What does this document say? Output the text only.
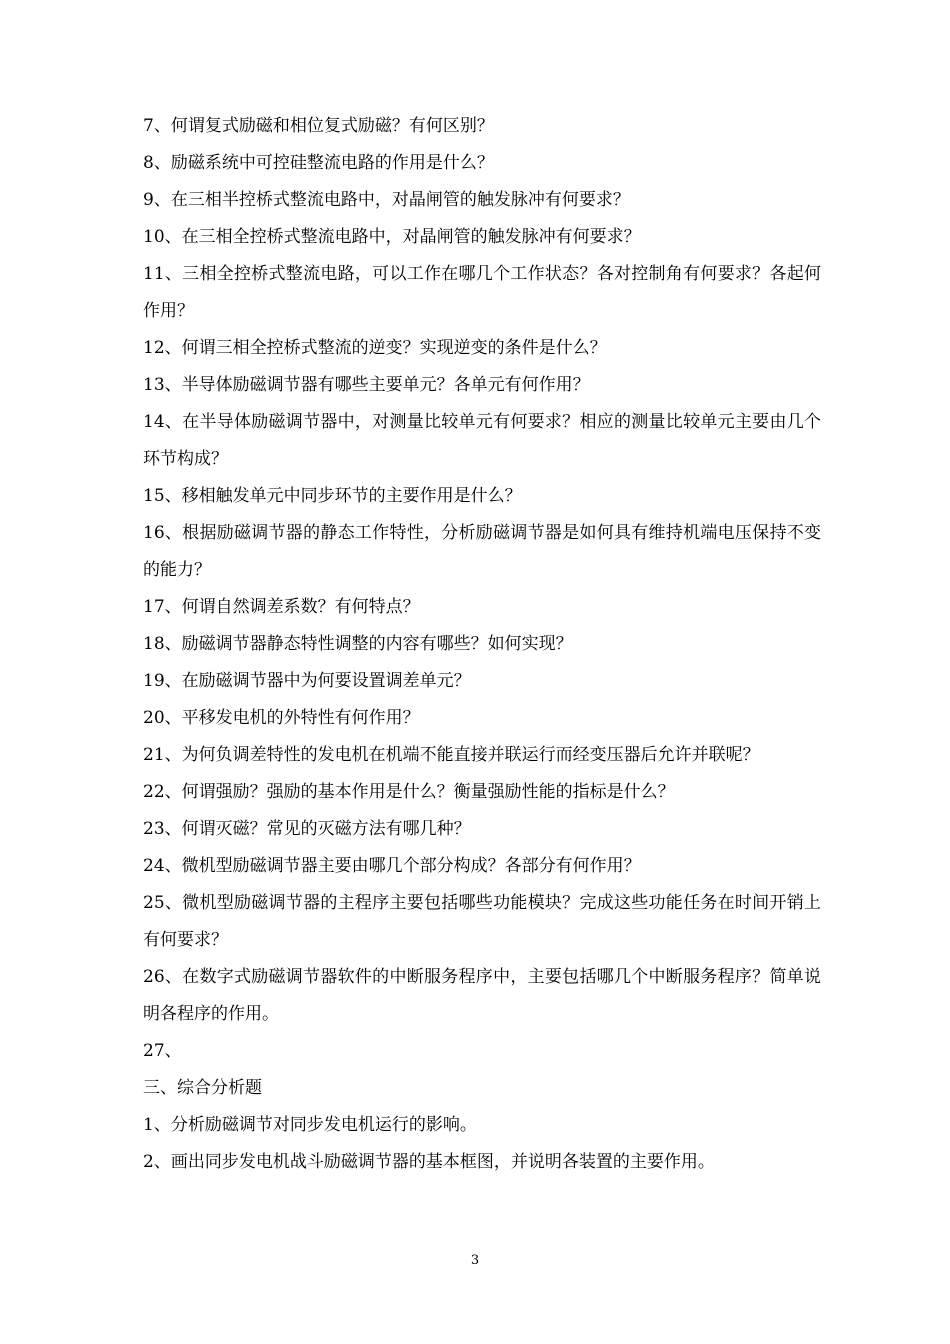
7、何谓复式励磁和相位复式励磁？有何区别？

8、励磁系统中可控硅整流电路的作用是什么？

9、在三相半控桥式整流电路中，对晶闸管的触发脉冲有何要求？

10、在三相全控桥式整流电路中，对晶闸管的触发脉冲有何要求？

11、三相全控桥式整流电路，可以工作在哪几个工作状态？各对控制角有何要求？各起何作用？

12、何谓三相全控桥式整流的逆变？实现逆变的条件是什么？

13、半导体励磁调节器有哪些主要单元？各单元有何作用？

14、在半导体励磁调节器中，对测量比较单元有何要求？相应的测量比较单元主要由几个环节构成？

15、移相触发单元中同步环节的主要作用是什么？

16、根据励磁调节器的静态工作特性，分析励磁调节器是如何具有维持机端电压保持不变的能力？

17、何谓自然调差系数？有何特点？

18、励磁调节器静态特性调整的内容有哪些？如何实现？

19、在励磁调节器中为何要设置调差单元？

20、平移发电机的外特性有何作用？

21、为何负调差特性的发电机在机端不能直接并联运行而经变压器后允许并联呢？

22、何谓强励？强励的基本作用是什么？衡量强励性能的指标是什么？

23、何谓灭磁？常见的灭磁方法有哪几种？

24、微机型励磁调节器主要由哪几个部分构成？各部分有何作用？

25、微机型励磁调节器的主程序主要包括哪些功能模块？完成这些功能任务在时间开销上有何要求？

26、在数字式励磁调节器软件的中断服务程序中，主要包括哪几个中断服务程序？简单说明各程序的作用。

27、

三、综合分析题

1、分析励磁调节对同步发电机运行的影响。

2、画出同步发电机战斗励磁调节器的基本框图，并说明各装置的主要作用。

3
